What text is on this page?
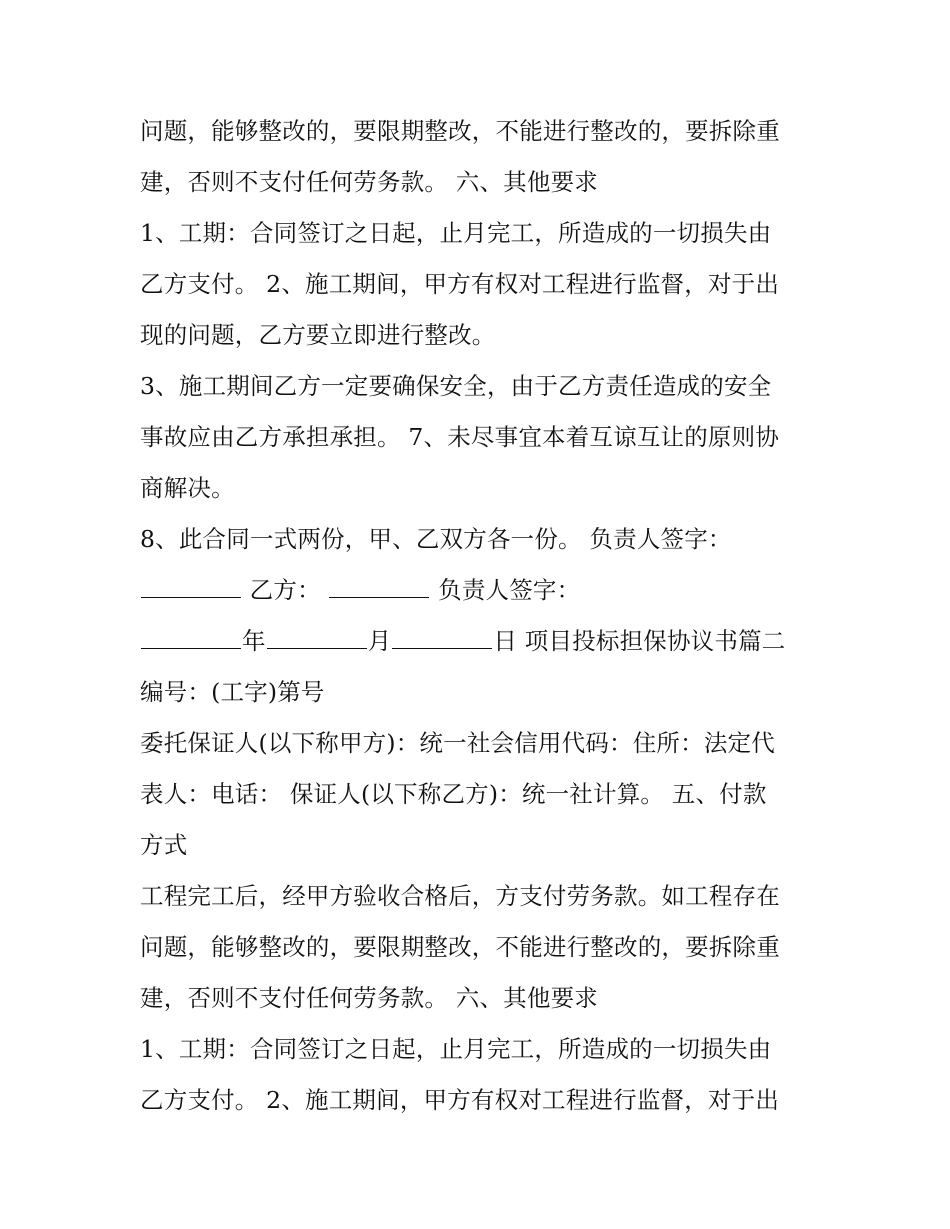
问题，能够整改的，要限期整改，不能进行整改的，要拆除重
建，否则不支付任何劳务款。 六、其他要求
1、工期：合同签订之日起，止月完工，所造成的一切损失由
乙方支付。 2、施工期间，甲方有权对工程进行监督，对于出
现的问题，乙方要立即进行整改。
3、施工期间乙方一定要确保安全，由于乙方责任造成的安全
事故应由乙方承担承担。 7、未尽事宜本着互谅互让的原则协
商解决。
8、此合同一式两份，甲、乙双方各一份。 负责人签字：
乙方：	负责人签字：
年	月	日 项目投标担保协议书篇二
编号：(工字)第号
委托保证人(以下称甲方)：统一社会信用代码：住所：法定代
表人：电话： 保证人(以下称乙方)：统一社计算。 五、付款
方式
工程完工后，经甲方验收合格后，方支付劳务款。如工程存在
问题，能够整改的，要限期整改，不能进行整改的，要拆除重
建，否则不支付任何劳务款。 六、其他要求
1、工期：合同签订之日起，止月完工，所造成的一切损失由
乙方支付。 2、施工期间，甲方有权对工程进行监督，对于出
